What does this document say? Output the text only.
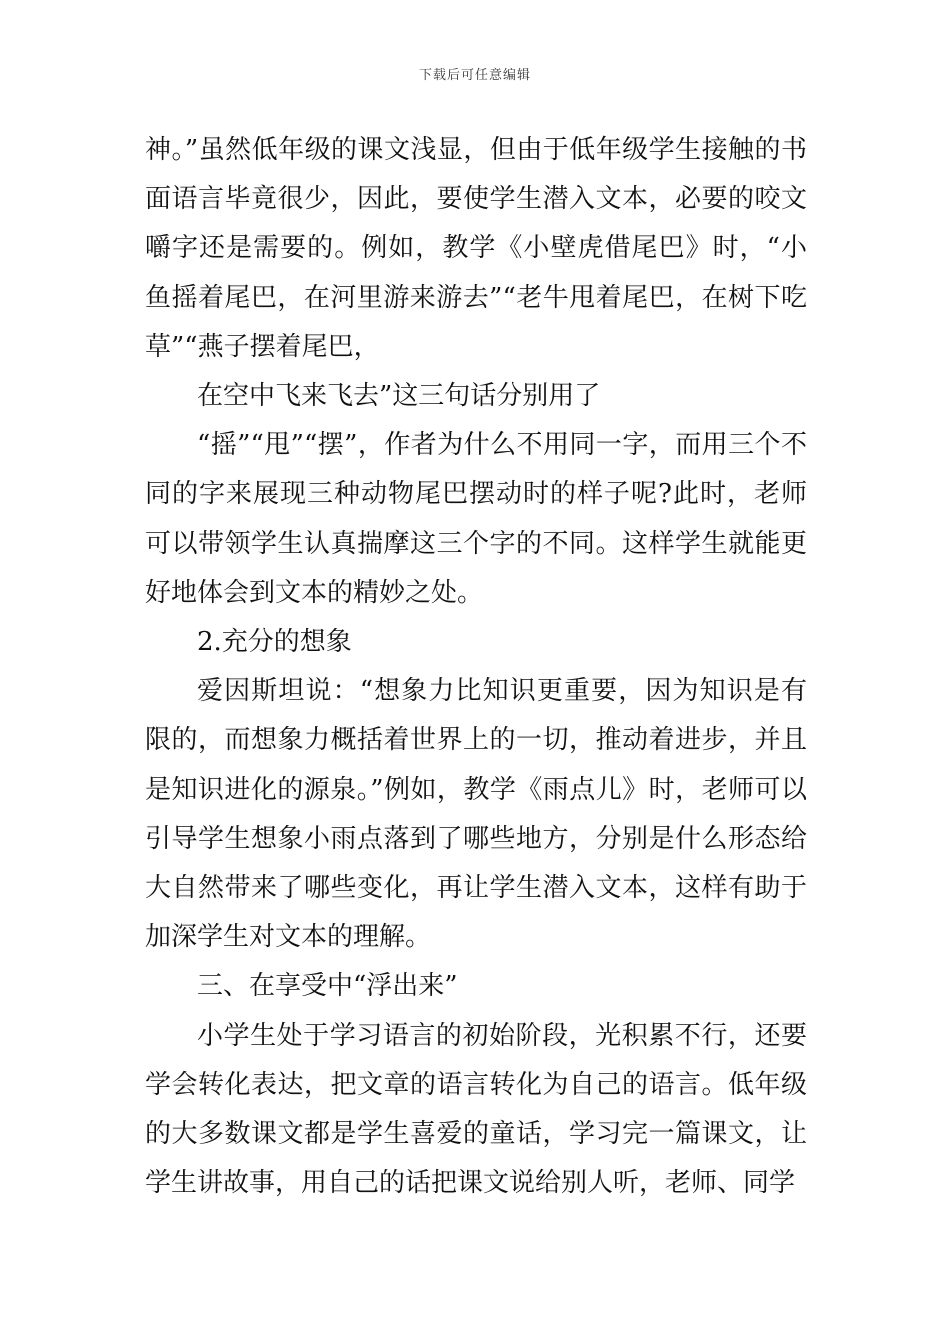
下载后可任意编辑

神。”虽然低年级的课文浅显，但由于低年级学生接触的书面语言毕竟很少，因此，要使学生潜入文本，必要的咬文嚼字还是需要的。例如，教学《小壁虎借尾巴》时，“小鱼摇着尾巴，在河里游来游去”“老牛甩着尾巴，在树下吃草”“燕子摆着尾巴，

在空中飞来飞去”这三句话分别用了

“摇”“甩”“摆”，作者为什么不用同一字，而用三个不同的字来展现三种动物尾巴摆动时的样子呢?此时，老师可以带领学生认真揣摩这三个字的不同。这样学生就能更好地体会到文本的精妙之处。

2.充分的想象

爱因斯坦说：“想象力比知识更重要，因为知识是有限的，而想象力概括着世界上的一切，推动着进步，并且是知识进化的源泉。”例如，教学《雨点儿》时，老师可以引导学生想象小雨点落到了哪些地方，分别是什么形态给大自然带来了哪些变化，再让学生潜入文本，这样有助于加深学生对文本的理解。

三、在享受中“浮出来”

小学生处于学习语言的初始阶段，光积累不行，还要学会转化表达，把文章的语言转化为自己的语言。低年级的大多数课文都是学生喜爱的童话，学习完一篇课文，让学生讲故事，用自己的话把课文说给别人听，老师、同学
